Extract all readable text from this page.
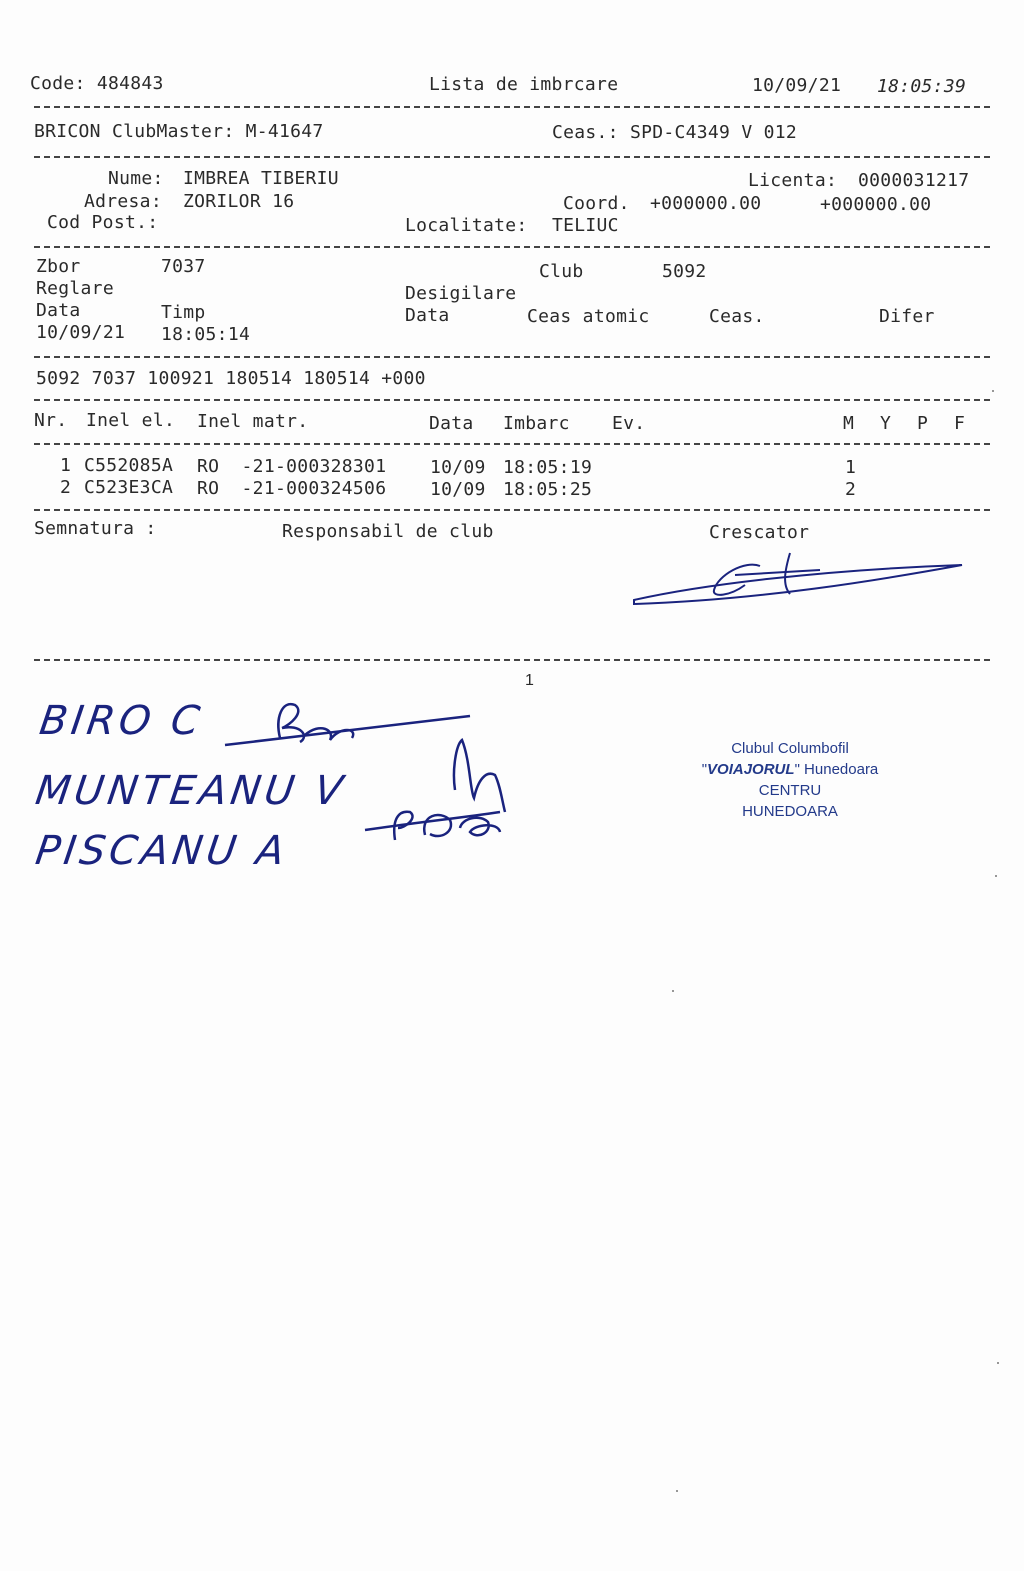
Code: 484843	Lista de imbrcare	10/09/21 18:05:39
BRICON ClubMaster: M-41647	Ceas.: SPD-C4349 V 012
Nume: IMBREA TIBERIU	Licenta: 0000031217
Adresa: ZORILOR 16	Coord. +000000.00	+000000.00
Cod Post.:	Localitate: TELIUC
Zbor	7037	Club	5092
Reglare	Desigilare
Data	Timp	Data	Ceas atomic	Ceas.	Difer
10/09/21 18:05:14
5092 7037 100921 180514 180514 +000
Nr. Inel el. Inel matr.	Data Imbarc Ev.	M Y P F
1 C552085A RO  -21-000328301 10/09 18:05:19	1
2 C523E3CA RO  -21-000324506 10/09 18:05:25	2
Semnatura :	Responsabil de club	Crescator
1
BIRO C
MUNTEANU V
PISCANU A
Clubul Columbofil
"VOIAJORUL" Hunedoara
CENTRU
HUNEDOARA
